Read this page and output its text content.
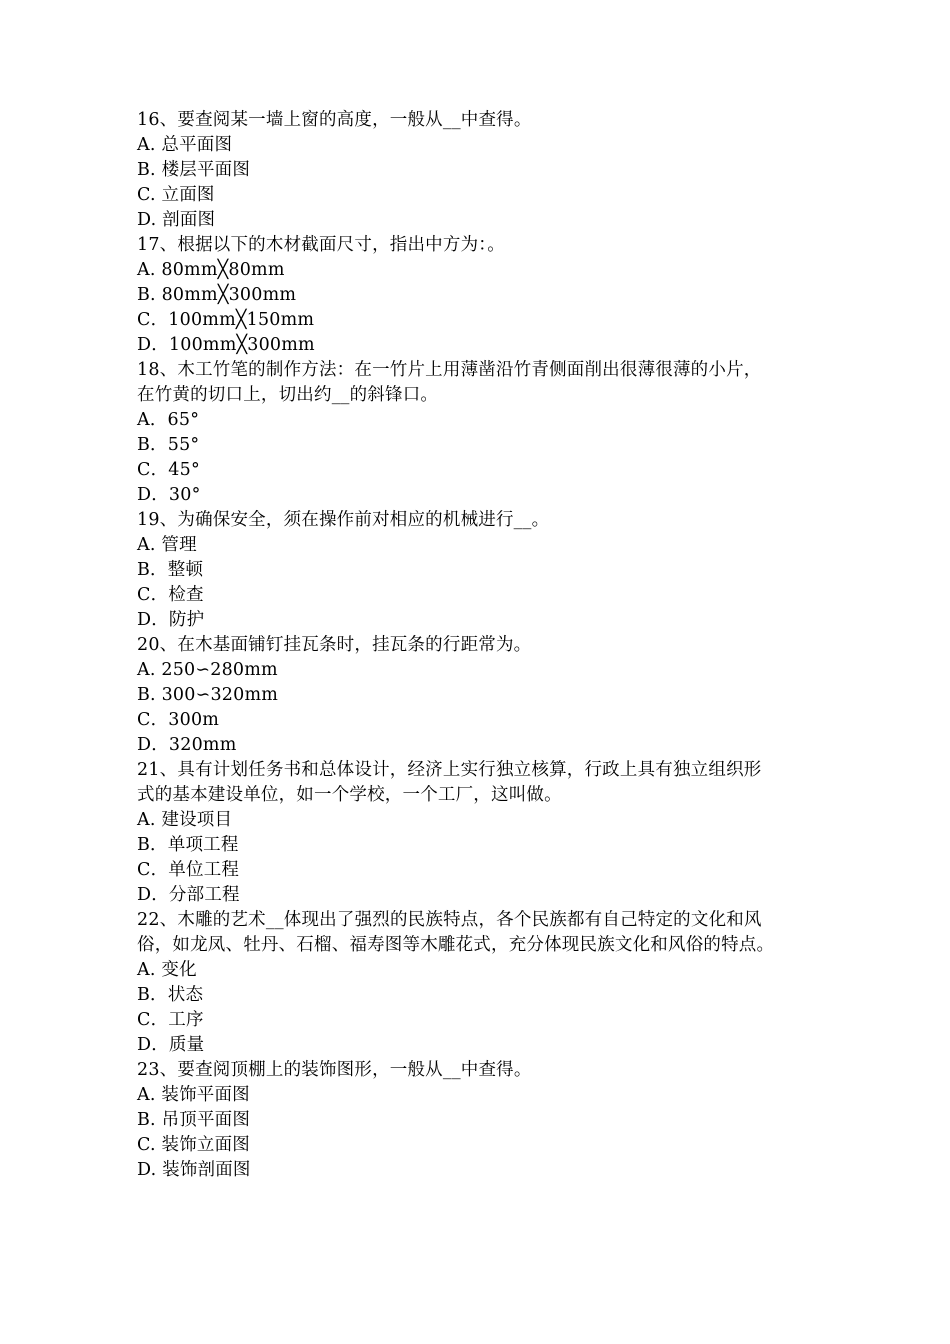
16、要查阅某一墙上窗的高度，一般从__中查得。
A. 总平面图
B. 楼层平面图
C. 立面图
D. 剖面图
17、根据以下的木材截面尺寸，指出中方为：。
A. 80mm╳80mm
B. 80mm╳300mm
C．100mm╳150mm
D．100mm╳300mm
18、木工竹笔的制作方法：在一竹片上用薄凿沿竹青侧面削出很薄很薄的小片，
在竹黄的切口上，切出约__的斜锋口。
A．65°
B．55°
C．45°
D．30°
19、为确保安全，须在操作前对相应的机械进行__。
A. 管理
B．整顿
C．检查
D．防护
20、在木基面铺钉挂瓦条时，挂瓦条的行距常为。
A. 250∽280mm
B. 300∽320mm
C．300m
D．320mm
21、具有计划任务书和总体设计，经济上实行独立核算，行政上具有独立组织形
式的基本建设单位，如一个学校，一个工厂，这叫做。
A. 建设项目
B．单项工程
C．单位工程
D．分部工程
22、木雕的艺术__体现出了强烈的民族特点，各个民族都有自己特定的文化和风
俗，如龙凤、牡丹、石榴、福寿图等木雕花式，充分体现民族文化和风俗的特点。
A. 变化
B．状态
C．工序
D．质量
23、要查阅顶棚上的装饰图形，一般从__中查得。
A. 装饰平面图
B. 吊顶平面图
C. 装饰立面图
D. 装饰剖面图
